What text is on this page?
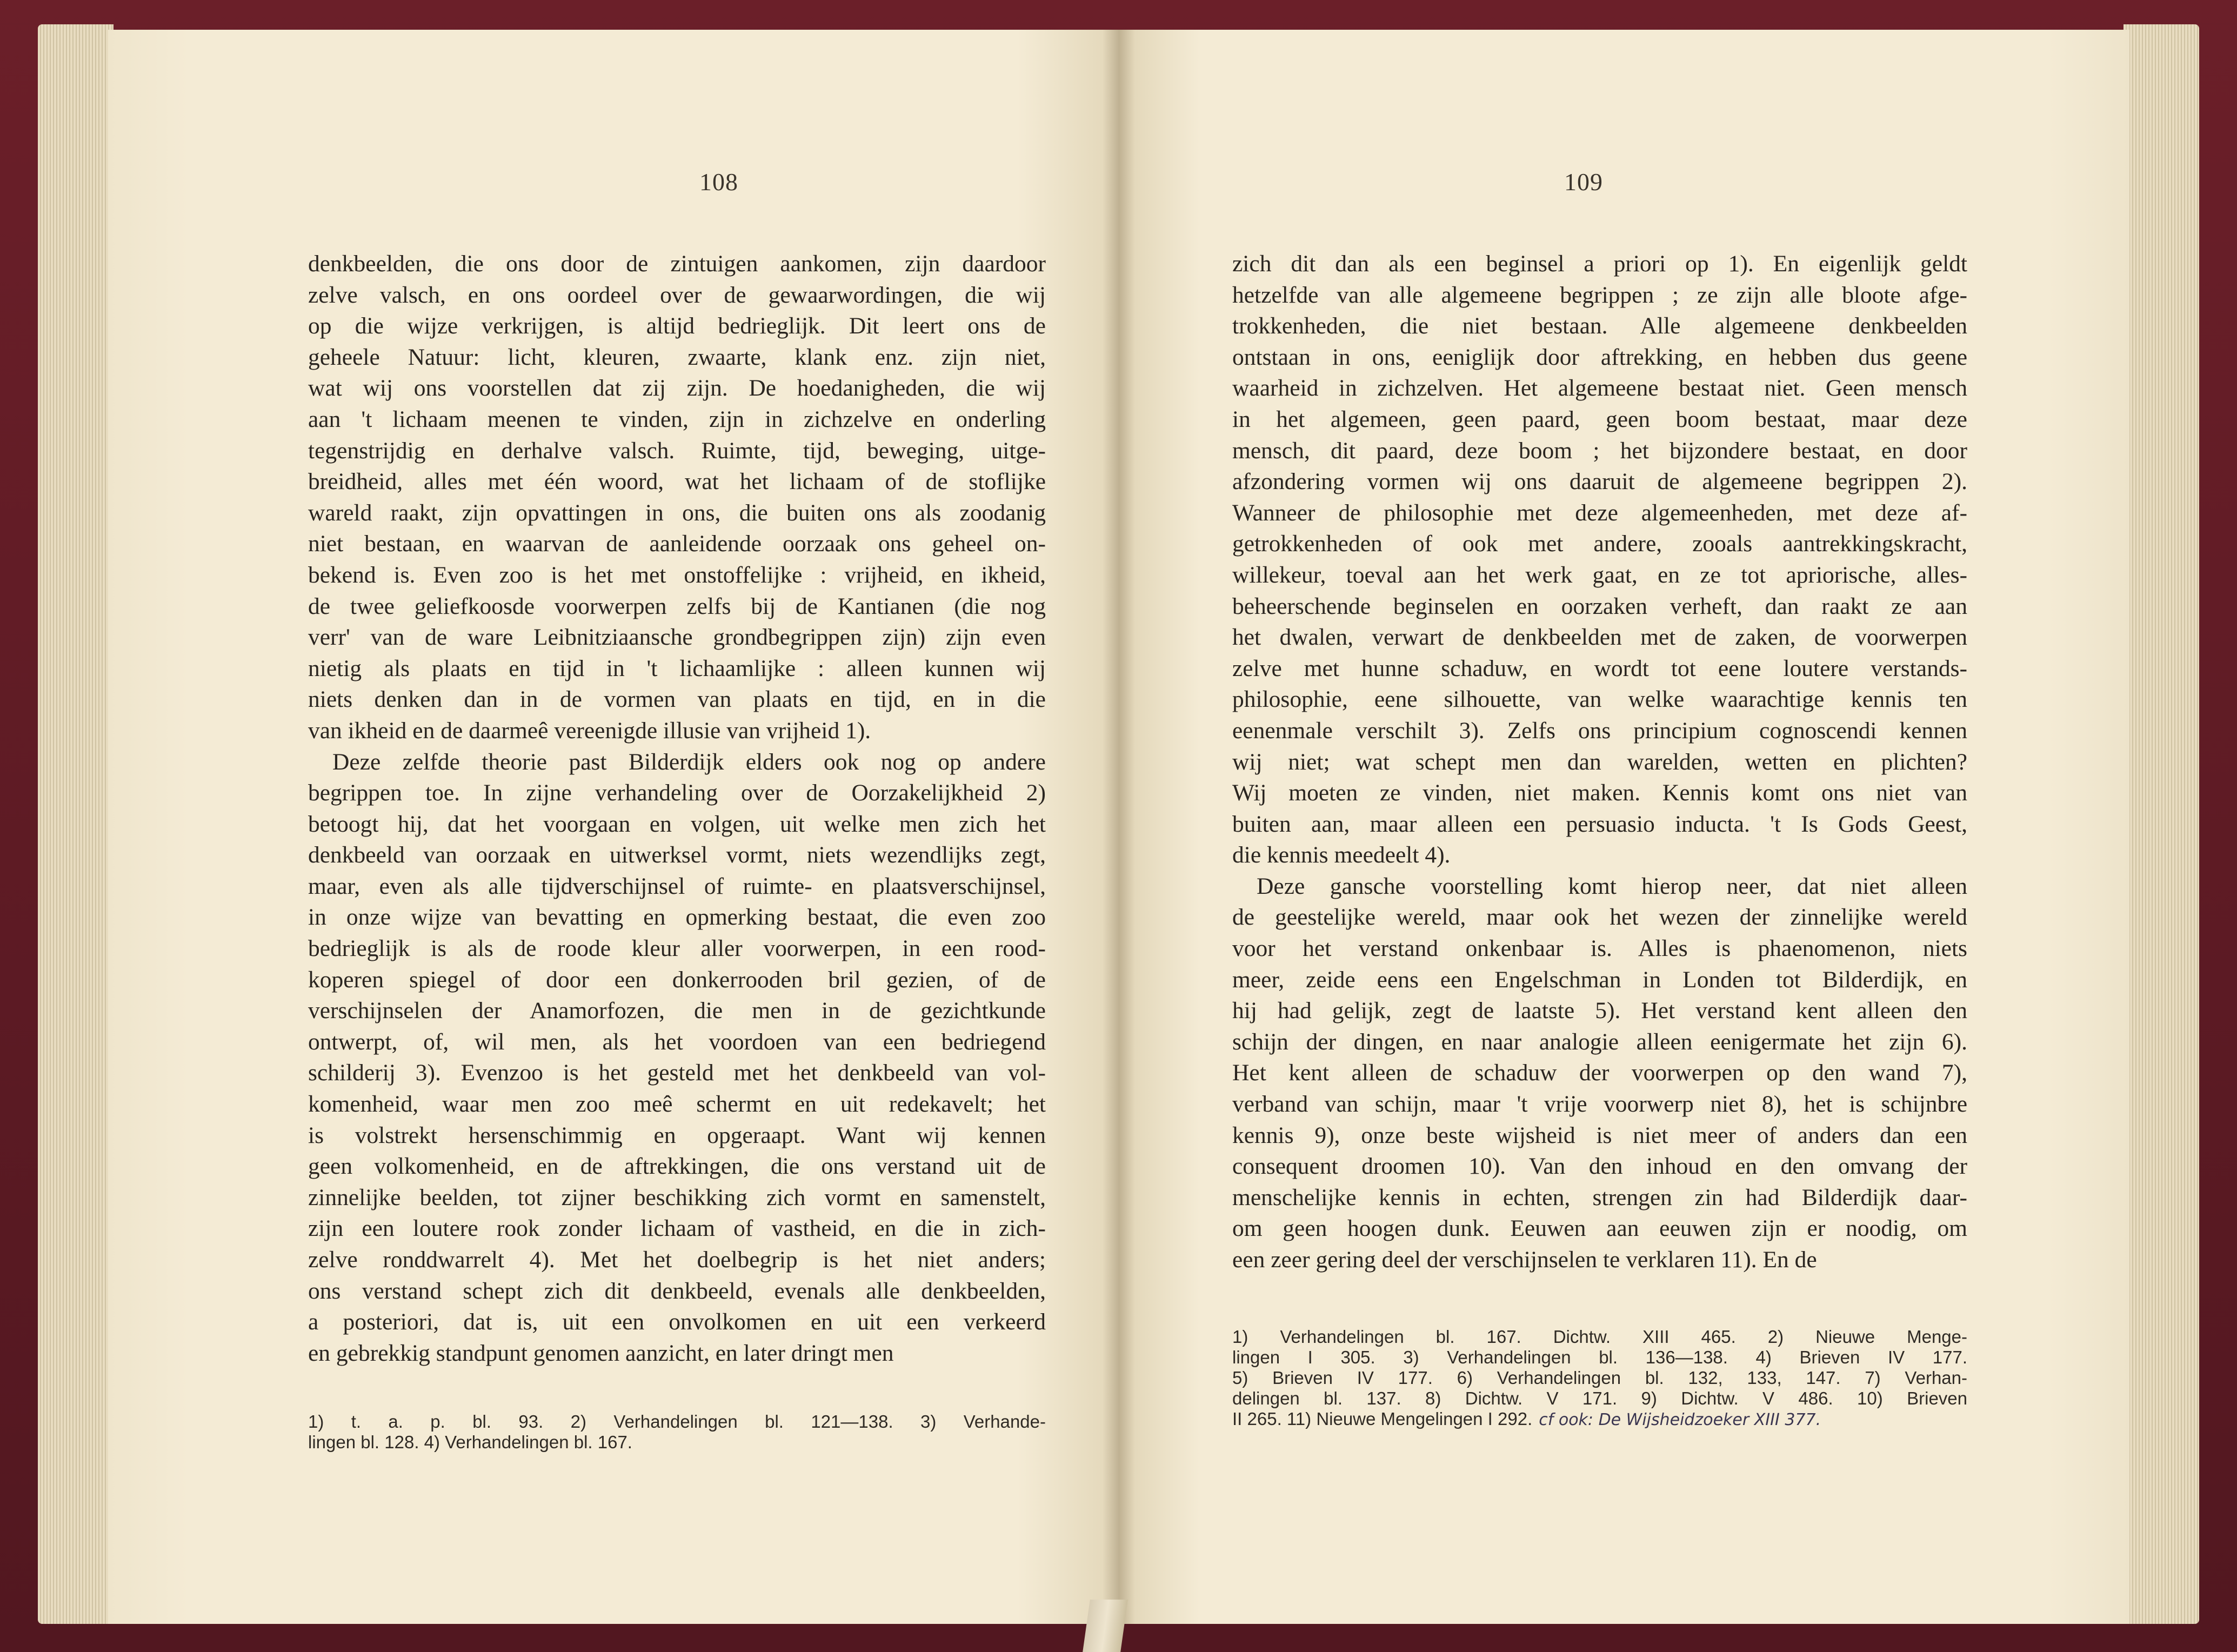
108
denkbeelden, die ons door de zintuigen aankomen, zijn daardoor
zelve valsch, en ons oordeel over de gewaarwordingen, die wij
op die wijze verkrijgen, is altijd bedrieglijk. Dit leert ons de
geheele Natuur: licht, kleuren, zwaarte, klank enz. zijn niet,
wat wij ons voorstellen dat zij zijn. De hoedanigheden, die wij
aan 't lichaam meenen te vinden, zijn in zichzelve en onderling
tegenstrijdig en derhalve valsch. Ruimte, tijd, beweging, uitge-
breidheid, alles met één woord, wat het lichaam of de stoflijke
wareld raakt, zijn opvattingen in ons, die buiten ons als zoodanig
niet bestaan, en waarvan de aanleidende oorzaak ons geheel on-
bekend is. Even zoo is het met onstoffelijke : vrijheid, en ikheid,
de twee geliefkoosde voorwerpen zelfs bij de Kantianen (die nog
verr' van de ware Leibnitziaansche grondbegrippen zijn) zijn even
nietig als plaats en tijd in 't lichaamlijke : alleen kunnen wij
niets denken dan in de vormen van plaats en tijd, en in die
van ikheid en de daarmeê vereenigde illusie van vrijheid 1).
Deze zelfde theorie past Bilderdijk elders ook nog op andere
begrippen toe. In zijne verhandeling over de Oorzakelijkheid 2)
betoogt hij, dat het voorgaan en volgen, uit welke men zich het
denkbeeld van oorzaak en uitwerksel vormt, niets wezendlijks zegt,
maar, even als alle tijdverschijnsel of ruimte- en plaatsverschijnsel,
in onze wijze van bevatting en opmerking bestaat, die even zoo
bedrieglijk is als de roode kleur aller voorwerpen, in een rood-
koperen spiegel of door een donkerrooden bril gezien, of de
verschijnselen der Anamorfozen, die men in de gezichtkunde
ontwerpt, of, wil men, als het voordoen van een bedriegend
schilderij 3). Evenzoo is het gesteld met het denkbeeld van vol-
komenheid, waar men zoo meê schermt en uit redekavelt; het
is volstrekt hersenschimmig en opgeraapt. Want wij kennen
geen volkomenheid, en de aftrekkingen, die ons verstand uit de
zinnelijke beelden, tot zijner beschikking zich vormt en samenstelt,
zijn een loutere rook zonder lichaam of vastheid, en die in zich-
zelve ronddwarrelt 4). Met het doelbegrip is het niet anders;
ons verstand schept zich dit denkbeeld, evenals alle denkbeelden,
a posteriori, dat is, uit een onvolkomen en uit een verkeerd
en gebrekkig standpunt genomen aanzicht, en later dringt men
1) t. a. p. bl. 93. 2) Verhandelingen bl. 121—138. 3) Verhande-
lingen bl. 128. 4) Verhandelingen bl. 167.
109
zich dit dan als een beginsel a priori op 1). En eigenlijk geldt
hetzelfde van alle algemeene begrippen ; ze zijn alle bloote afge-
trokkenheden, die niet bestaan. Alle algemeene denkbeelden
ontstaan in ons, eeniglijk door aftrekking, en hebben dus geene
waarheid in zichzelven. Het algemeene bestaat niet. Geen mensch
in het algemeen, geen paard, geen boom bestaat, maar deze
mensch, dit paard, deze boom ; het bijzondere bestaat, en door
afzondering vormen wij ons daaruit de algemeene begrippen 2).
Wanneer de philosophie met deze algemeenheden, met deze af-
getrokkenheden of ook met andere, zooals aantrekkingskracht,
willekeur, toeval aan het werk gaat, en ze tot apriorische, alles-
beheerschende beginselen en oorzaken verheft, dan raakt ze aan
het dwalen, verwart de denkbeelden met de zaken, de voorwerpen
zelve met hunne schaduw, en wordt tot eene loutere verstands-
philosophie, eene silhouette, van welke waarachtige kennis ten
eenenmale verschilt 3). Zelfs ons principium cognoscendi kennen
wij niet; wat schept men dan warelden, wetten en plichten?
Wij moeten ze vinden, niet maken. Kennis komt ons niet van
buiten aan, maar alleen een persuasio inducta. 't Is Gods Geest,
die kennis meedeelt 4).
Deze gansche voorstelling komt hierop neer, dat niet alleen
de geestelijke wereld, maar ook het wezen der zinnelijke wereld
voor het verstand onkenbaar is. Alles is phaenomenon, niets
meer, zeide eens een Engelschman in Londen tot Bilderdijk, en
hij had gelijk, zegt de laatste 5). Het verstand kent alleen den
schijn der dingen, en naar analogie alleen eenigermate het zijn 6).
Het kent alleen de schaduw der voorwerpen op den wand 7),
verband van schijn, maar 't vrije voorwerp niet 8), het is schijnbre
kennis 9), onze beste wijsheid is niet meer of anders dan een
consequent droomen 10). Van den inhoud en den omvang der
menschelijke kennis in echten, strengen zin had Bilderdijk daar-
om geen hoogen dunk. Eeuwen aan eeuwen zijn er noodig, om
een zeer gering deel der verschijnselen te verklaren 11). En de
1) Verhandelingen bl. 167. Dichtw. XIII 465. 2) Nieuwe Menge-
lingen I 305. 3) Verhandelingen bl. 136—138. 4) Brieven IV 177.
5) Brieven IV 177. 6) Verhandelingen bl. 132, 133, 147. 7) Verhan-
delingen bl. 137. 8) Dichtw. V 171. 9) Dichtw. V 486. 10) Brieven
II 265. 11) Nieuwe Mengelingen I 292. cf ook: De Wijsheidzoeker XIII 377.
